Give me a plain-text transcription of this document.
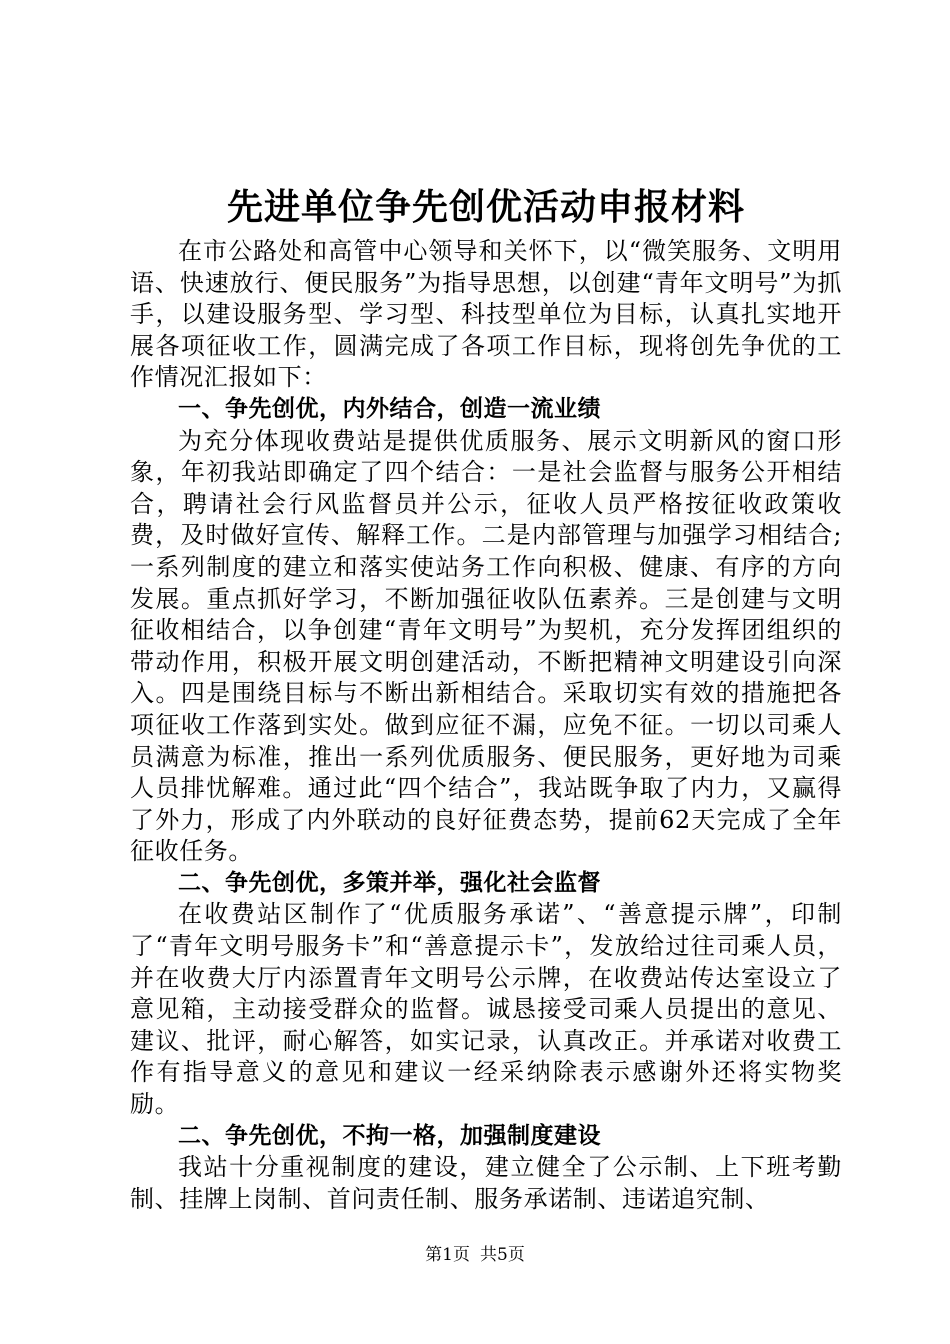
先进单位争先创优活动申报材料

在市公路处和高管中心领导和关怀下，以“微笑服务、文明用语、快速放行、便民服务”为指导思想，以创建“青年文明号”为抓手，以建设服务型、学习型、科技型单位为目标，认真扎实地开展各项征收工作，圆满完成了各项工作目标，现将创先争优的工作情况汇报如下：

一、争先创优，内外结合，创造一流业绩

为充分体现收费站是提供优质服务、展示文明新风的窗口形象，年初我站即确定了四个结合：一是社会监督与服务公开相结合，聘请社会行风监督员并公示，征收人员严格按征收政策收费，及时做好宣传、解释工作。二是内部管理与加强学习相结合;一系列制度的建立和落实使站务工作向积极、健康、有序的方向发展。重点抓好学习，不断加强征收队伍素养。三是创建与文明征收相结合，以争创建“青年文明号”为契机，充分发挥团组织的带动作用，积极开展文明创建活动，不断把精神文明建设引向深入。四是围绕目标与不断出新相结合。采取切实有效的措施把各项征收工作落到实处。做到应征不漏，应免不征。一切以司乘人员满意为标准，推出一系列优质服务、便民服务，更好地为司乘人员排忧解难。通过此“四个结合”，我站既争取了内力，又赢得了外力，形成了内外联动的良好征费态势，提前62天完成了全年征收任务。

二、争先创优，多策并举，强化社会监督

在收费站区制作了“优质服务承诺”、“善意提示牌”，印制了“青年文明号服务卡”和“善意提示卡”，发放给过往司乘人员，并在收费大厅内添置青年文明号公示牌，在收费站传达室设立了意见箱，主动接受群众的监督。诚恳接受司乘人员提出的意见、建议、批评，耐心解答，如实记录，认真改正。并承诺对收费工作有指导意义的意见和建议一经采纳除表示感谢外还将实物奖励。

二、争先创优，不拘一格，加强制度建设

我站十分重视制度的建设，建立健全了公示制、上下班考勤制、挂牌上岗制、首问责任制、服务承诺制、违诺追究制、

第1页 共5页
